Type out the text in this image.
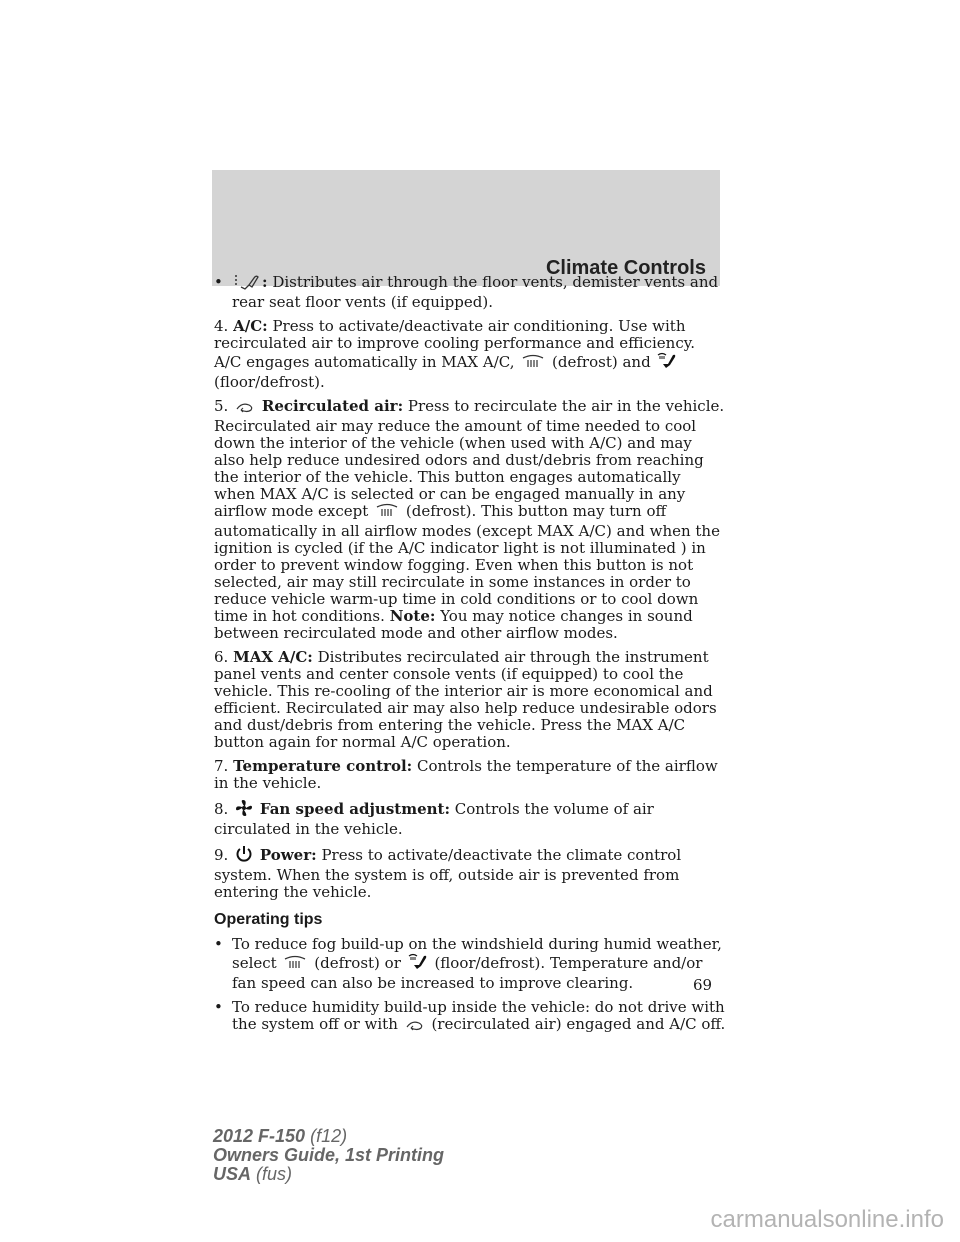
Climate Controls
•	: Distributes air through the floor vents, demister vents and rear seat floor vents (if equipped).

4. A/C: Press to activate/deactivate air conditioning. Use with recirculated air to improve cooling performance and efficiency. A/C engages automatically in MAX A/C,	(defrost) and
(floor/defrost).

5. Recirculated air: Press to recirculate the air in the vehicle. Recirculated air may reduce the amount of time needed to cool down the interior of the vehicle (when used with A/C) and may also help reduce undesired odors and dust/debris from reaching the interior of the vehicle. This button engages automatically when MAX A/C is selected or can be engaged manually in any airflow mode except	(defrost). This button may turn off automatically in all airflow modes (except MAX A/C) and when the ignition is cycled (if the A/C indicator light is not illuminated ) in order to prevent window fogging. Even when this button is not selected, air may still recirculate in some instances in order to reduce vehicle warm-up time in cold conditions or to cool down time in hot conditions. Note: You may notice changes in sound between recirculated mode and other airflow modes.

6. MAX A/C: Distributes recirculated air through the instrument panel vents and center console vents (if equipped) to cool the vehicle. This re-cooling of the interior air is more economical and efficient. Recirculated air may also help reduce undesirable odors and dust/debris from entering the vehicle. Press the MAX A/C button again for normal A/C operation.

7. Temperature control: Controls the temperature of the airflow in the vehicle.

8. Fan speed adjustment: Controls the volume of air circulated in the vehicle.

9. Power: Press to activate/deactivate the climate control system. When the system is off, outside air is prevented from entering the vehicle.

Operating tips
• To reduce fog build-up on the windshield during humid weather, select	(defrost) or (floor/defrost). Temperature and/or fan speed can also be increased to improve clearing.
• To reduce humidity build-up inside the vehicle: do not drive with the system off or with (recirculated air) engaged and A/C off.
69
2012 F-150 (f12)
Owners Guide, 1st Printing
USA (fus)
carmanualsonline.info
